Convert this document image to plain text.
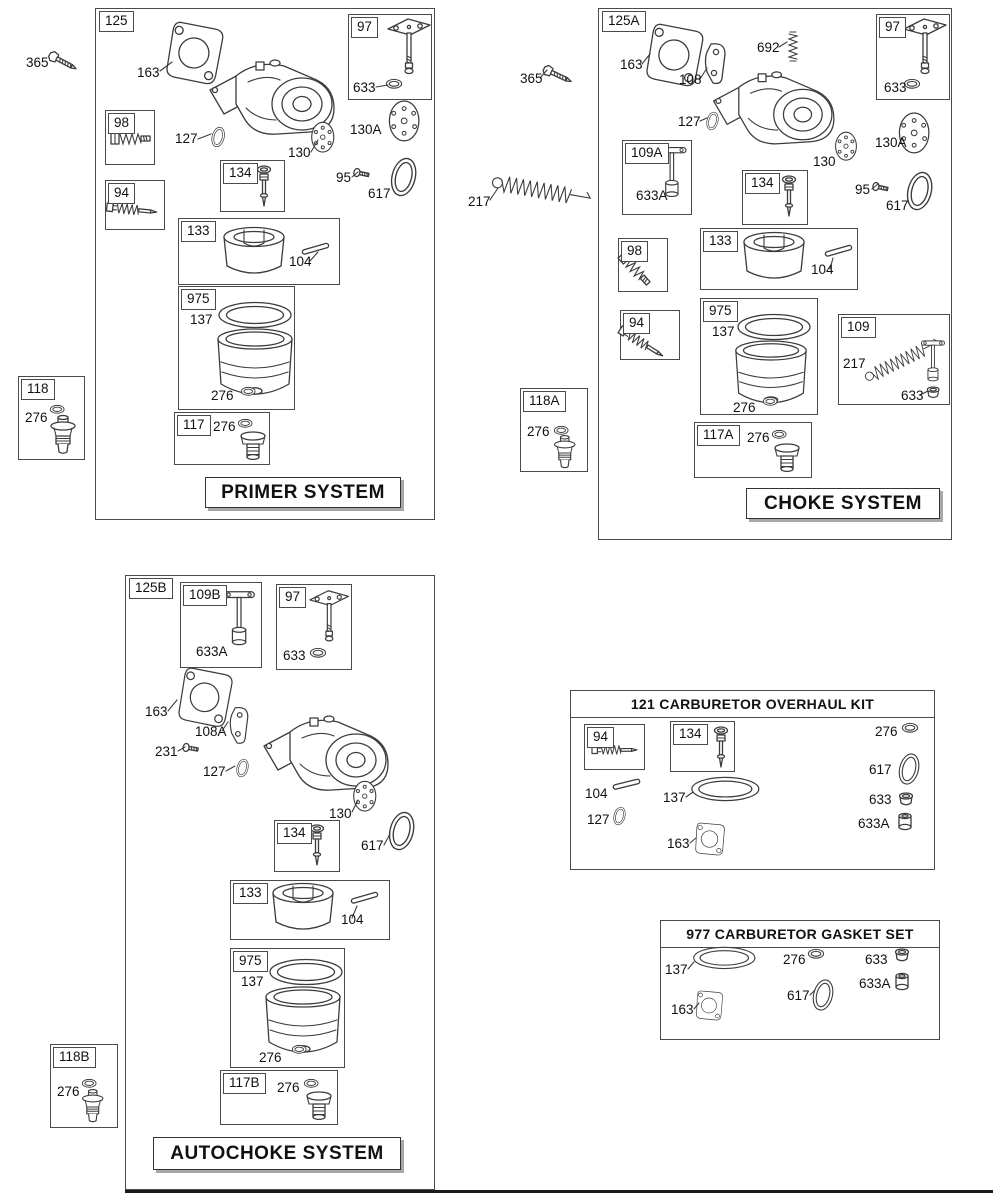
97
98
94
134
133
975
118
117
125
365
163
633
127
130
130A
95
617
104
137
276
276
276
PRIMER SYSTEM
97
109A
134
98
133
94
975
109
118A
117A
125A
365
163
108
692
633
127
633A
130
130A
95
617
217
104
137
276
217
633
276	276
CHOKE SYSTEM
109B	97
134
133
975
118B
117B
125B
633A	633
163
108A
231
127
130
617
104
137
276
276	276
AUTOCHOKE SYSTEM
94	134	276
617
104	137	633
127	633A
163
121 CARBURETOR OVERHAUL KIT
137
276	633
617
633A
163
977 CARBURETOR GASKET SET
